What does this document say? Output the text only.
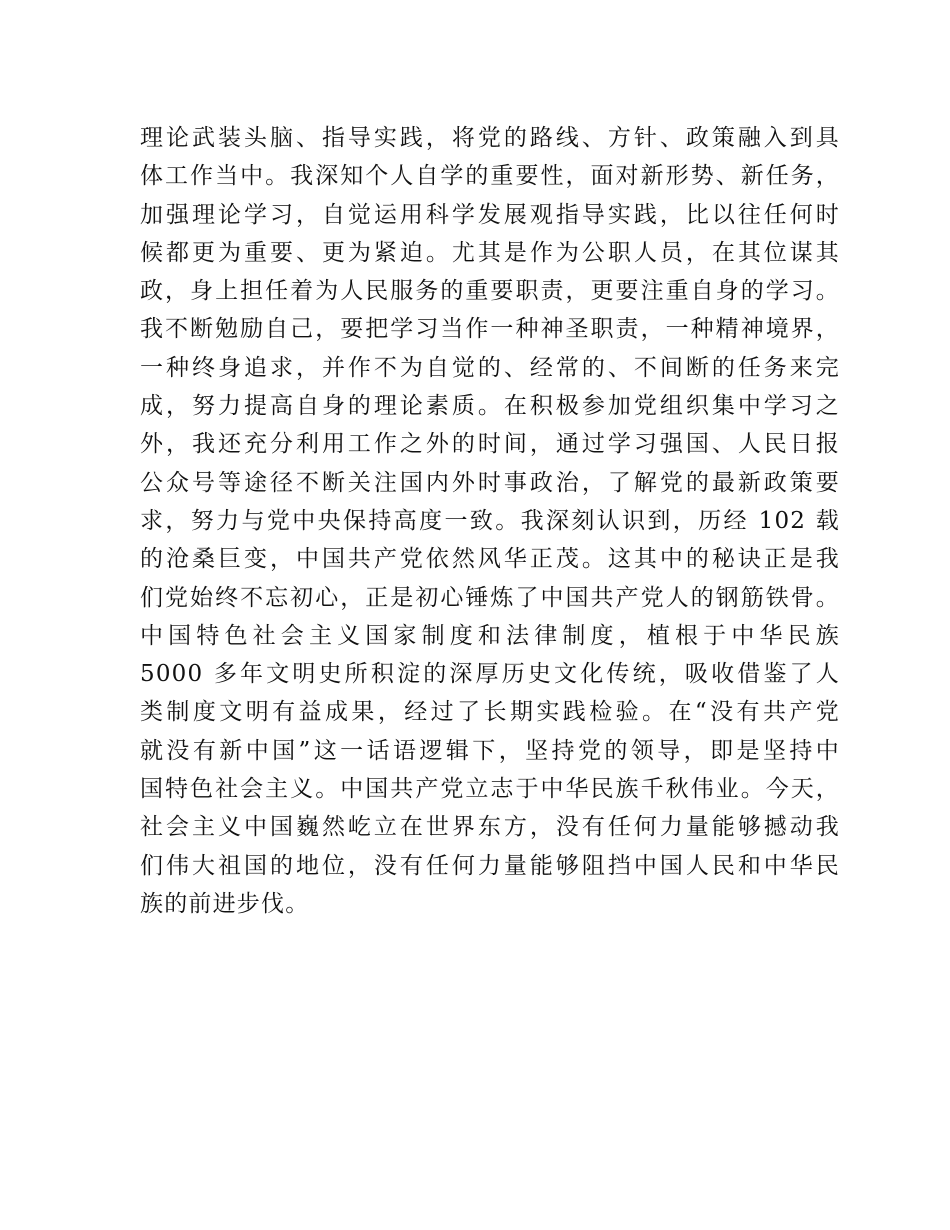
理论武装头脑、指导实践，将党的路线、方针、政策融入到具
体工作当中。我深知个人自学的重要性，面对新形势、新任务，
加强理论学习，自觉运用科学发展观指导实践，比以往任何时
候都更为重要、更为紧迫。尤其是作为公职人员，在其位谋其
政，身上担任着为人民服务的重要职责，更要注重自身的学习。
我不断勉励自己，要把学习当作一种神圣职责，一种精神境界，
一种终身追求，并作不为自觉的、经常的、不间断的任务来完
成，努力提高自身的理论素质。在积极参加党组织集中学习之
外，我还充分利用工作之外的时间，通过学习强国、人民日报
公众号等途径不断关注国内外时事政治，了解党的最新政策要
求，努力与党中央保持高度一致。我深刻认识到，历经 102 载
的沧桑巨变，中国共产党依然风华正茂。这其中的秘诀正是我
们党始终不忘初心，正是初心锤炼了中国共产党人的钢筋铁骨。
中国特色社会主义国家制度和法律制度，植根于中华民族
5000 多年文明史所积淀的深厚历史文化传统，吸收借鉴了人
类制度文明有益成果，经过了长期实践检验。在“没有共产党
就没有新中国”这一话语逻辑下，坚持党的领导，即是坚持中
国特色社会主义。中国共产党立志于中华民族千秋伟业。今天，
社会主义中国巍然屹立在世界东方，没有任何力量能够撼动我
们伟大祖国的地位，没有任何力量能够阻挡中国人民和中华民
族的前进步伐。
